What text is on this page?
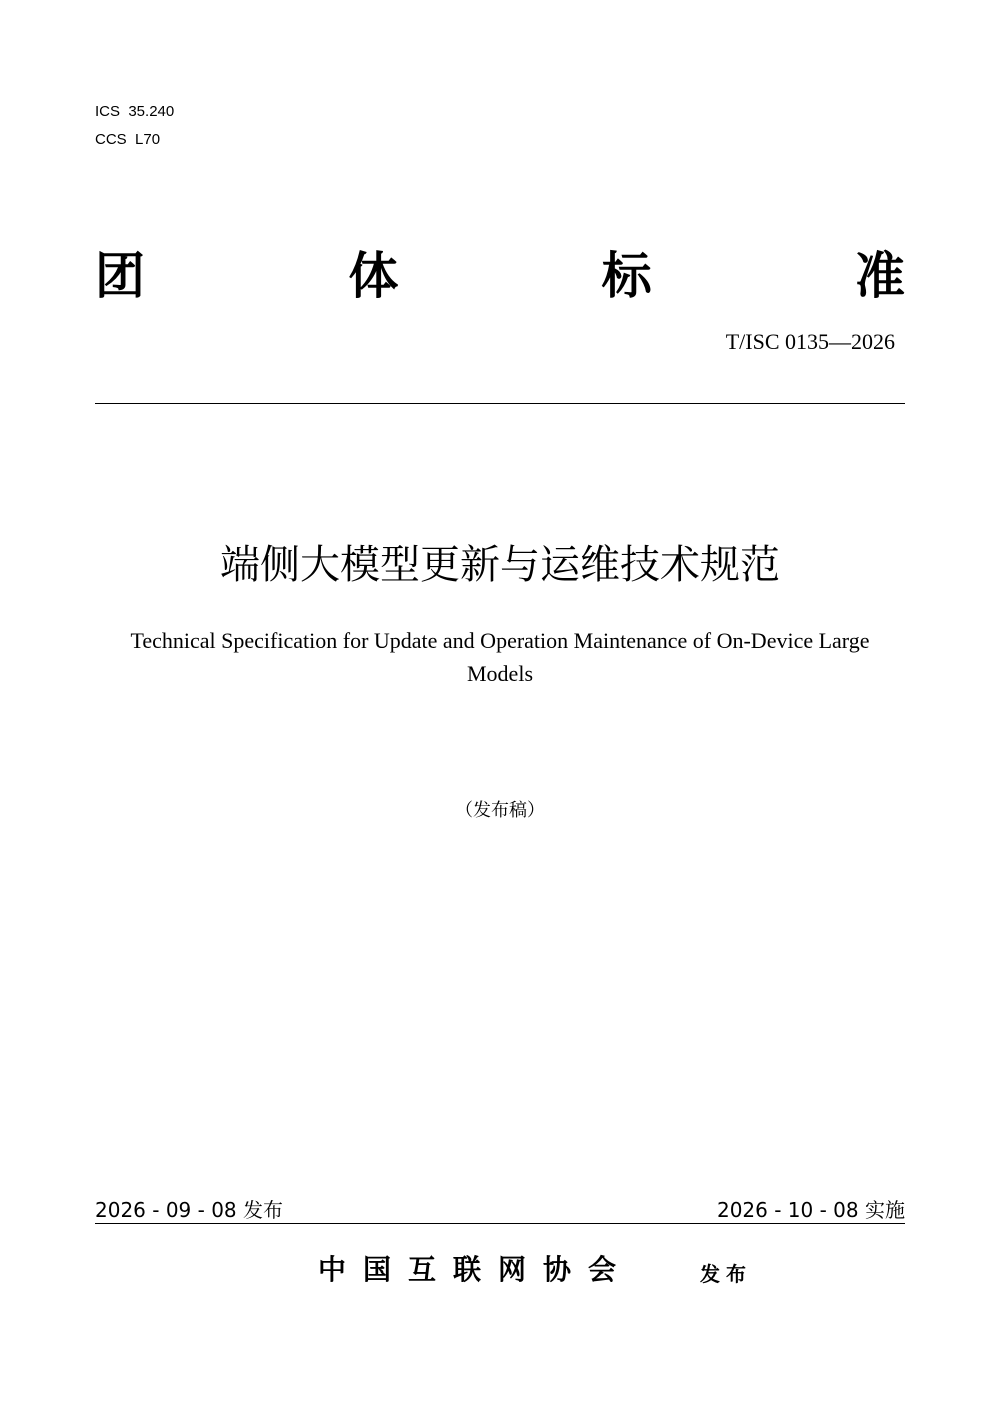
ICS  35.240
CCS  L70
团	体	标	准
T/ISC 0135—2026
端侧大模型更新与运维技术规范
Technical Specification for Update and Operation Maintenance of On-Device Large Models
（发布稿）
2026 - 09 - 08 发布	2026 - 10 - 08 实施
中国互联网协会	发布
